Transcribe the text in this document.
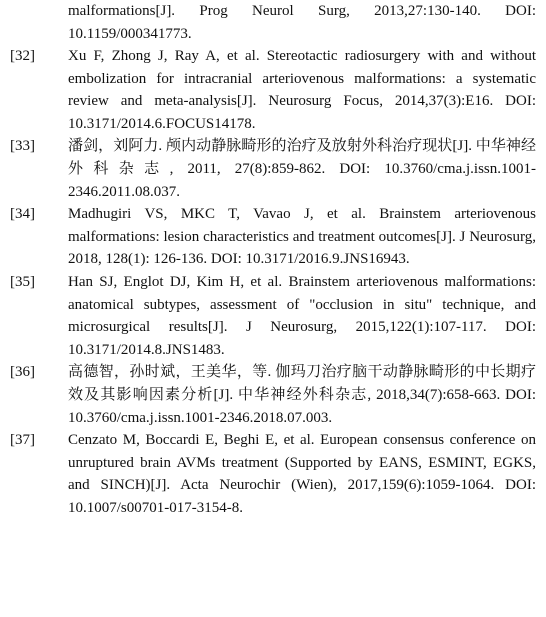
malformations[J]. Prog Neurol Surg, 2013,27:130-140. DOI: 10.1159/000341773.
[32]	Xu F, Zhong J, Ray A, et al. Stereotactic radiosurgery with and without embolization for intracranial arteriovenous malformations: a systematic review and meta-analysis[J]. Neurosurg Focus, 2014,37(3):E16. DOI: 10.3171/2014.6.FOCUS14178.
[33]	潘剑，刘阿力. 颅内动静脉畸形的治疗及放射外科治疗现状[J]. 中华神经外科杂志, 2011, 27(8):859-862. DOI: 10.3760/cma.j.issn.1001-2346.2011.08.037.
[34]	Madhugiri VS, MKC T, Vavao J, et al. Brainstem arteriovenous malformations: lesion characteristics and treatment outcomes[J]. J Neurosurg, 2018, 128(1): 126-136. DOI: 10.3171/2016.9.JNS16943.
[35]	Han SJ, Englot DJ, Kim H, et al. Brainstem arteriovenous malformations: anatomical subtypes, assessment of "occlusion in situ" technique, and microsurgical results[J]. J Neurosurg, 2015,122(1):107-117. DOI: 10.3171/2014.8.JNS1483.
[36]	高德智，孙时斌，王美华，等. 伽玛刀治疗脑干动静脉畸形的中长期疗效及其影响因素分析[J]. 中华神经外科杂志, 2018,34(7):658-663. DOI: 10.3760/cma.j.issn.1001-2346.2018.07.003.
[37]	Cenzato M, Boccardi E, Beghi E, et al. European consensus conference on unruptured brain AVMs treatment (Supported by EANS, ESMINT, EGKS, and SINCH)[J]. Acta Neurochir (Wien), 2017,159(6):1059-1064. DOI: 10.1007/s00701-017-3154-8.
